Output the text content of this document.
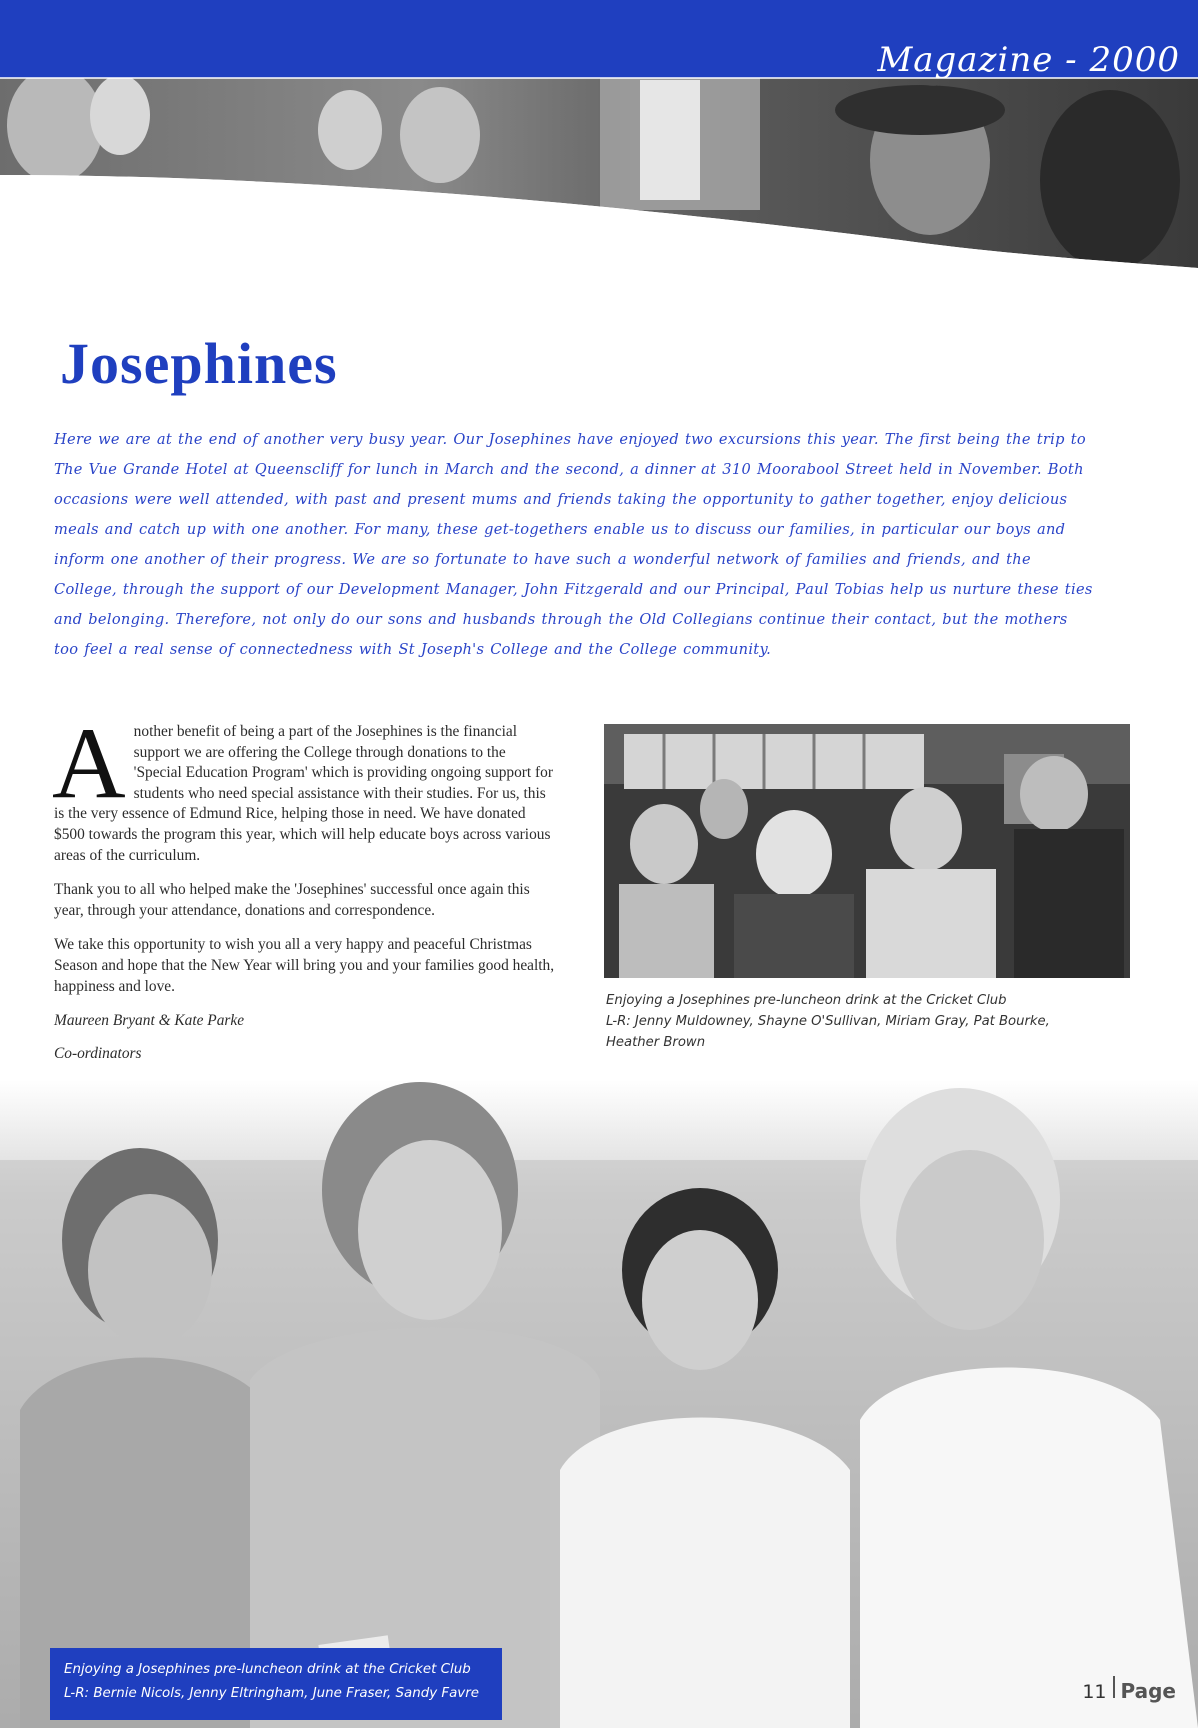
Magazine - 2000
Josephines

Here we are at the end of another very busy year. Our Josephines have enjoyed two excursions this year. The first being the trip to The Vue Grande Hotel at Queenscliff for lunch in March and the second, a dinner at 310 Moorabool Street held in November. Both occasions were well attended, with past and present mums and friends taking the opportunity to gather together, enjoy delicious meals and catch up with one another. For many, these get-togethers enable us to discuss our families, in particular our boys and inform one another of their progress. We are so fortunate to have such a wonderful network of families and friends, and the College, through the support of our Development Manager, John Fitzgerald and our Principal, Paul Tobias help us nurture these ties and belonging. Therefore, not only do our sons and husbands through the Old Collegians continue their contact, but the mothers too feel a real sense of connectedness with St Joseph's College and the College community.

Another benefit of being a part of the Josephines is the financial support we are offering the College through donations to the 'Special Education Program' which is providing ongoing support for students who need special assistance with their studies. For us, this is the very essence of Edmund Rice, helping those in need. We have donated $500 towards the program this year, which will help educate boys across various areas of the curriculum.

Thank you to all who helped make the 'Josephines' successful once again this year, through your attendance, donations and correspondence.

We take this opportunity to wish you all a very happy and peaceful Christmas Season and hope that the New Year will bring you and your families good health, happiness and love.

Maureen Bryant & Kate Parke

Co-ordinators

Enjoying a Josephines pre-luncheon drink at the Cricket Club
L-R: Jenny Muldowney, Shayne O'Sullivan, Miriam Gray, Pat Bourke,
Heather Brown
Enjoying a Josephines pre-luncheon drink at the Cricket Club
L-R: Bernie Nicols, Jenny Eltringham, June Fraser, Sandy Favre	11 Page
